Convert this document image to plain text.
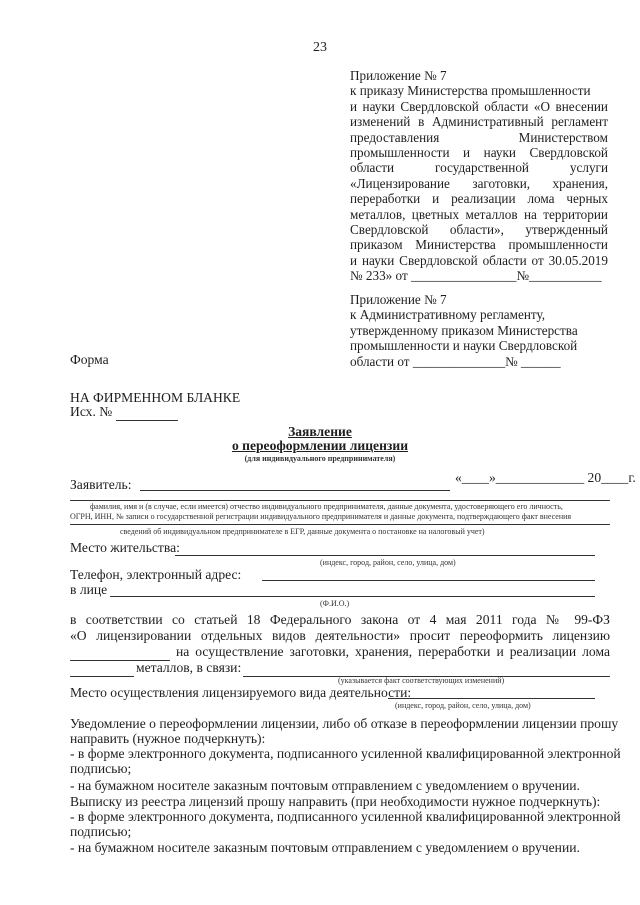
23
Приложение № 7
к приказу Министерства промышленности
и науки Свердловской области «О внесении
изменений в Административный регламент
предоставления Министерством
промышленности и науки Свердловской
области государственной услуги
«Лицензирование заготовки, хранения,
переработки и реализации лома черных
металлов, цветных металлов на территории
Свердловской области», утвержденный
приказом Министерства промышленности
и науки Свердловской области от 30.05.2019
№ 233» от ________________№___________
Приложение № 7
к Административному регламенту,
утвержденному приказом Министерства
промышленности и науки Свердловской
области от ______________№ ______
Форма
НА ФИРМЕННОМ БЛАНКЕ
Исх. №
Заявление
о переоформлении лицензии
(для индивидуального предпринимателя)
Заявитель:	«____»_____________ 20____г.
фамилия, имя и (в случае, если имеется) отчество индивидуального предпринимателя, данные документа, удостоверяющего его личность,
ОГРН, ИНН, № записи о государственной регистрации индивидуального предпринимателя и данные документа, подтверждающего факт внесения
сведений об индивидуальном предпринимателе в ЕГР, данные документа о постановке на налоговый учет)
Место жительства:
(индекс, город, район, село, улица, дом)
Телефон, электронный адрес:
в лице
(Ф.И.О.)
в соответствии со статьей 18 Федерального закона от 4 мая 2011 года № 99-ФЗ
«О лицензировании отдельных видов деятельности» просит переоформить лицензию

на осуществление заготовки, хранения, переработки и реализации лома

металлов, в связи:

(указывается факт соответствующих изменений)
Место осуществления лицензируемого вида деятельности:
(индекс, город, район, село, улица, дом)
Уведомление о переоформлении лицензии, либо об отказе в переоформлении лицензии прошу
направить (нужное подчеркнуть):
- в форме электронного документа, подписанного усиленной квалифицированной электронной
подписью;
- на бумажном носителе заказным почтовым отправлением с уведомлением о вручении.
Выписку из реестра лицензий прошу направить (при необходимости нужное подчеркнуть):
- в форме электронного документа, подписанного усиленной квалифицированной электронной
подписью;
- на бумажном носителе заказным почтовым отправлением с уведомлением о вручении.
